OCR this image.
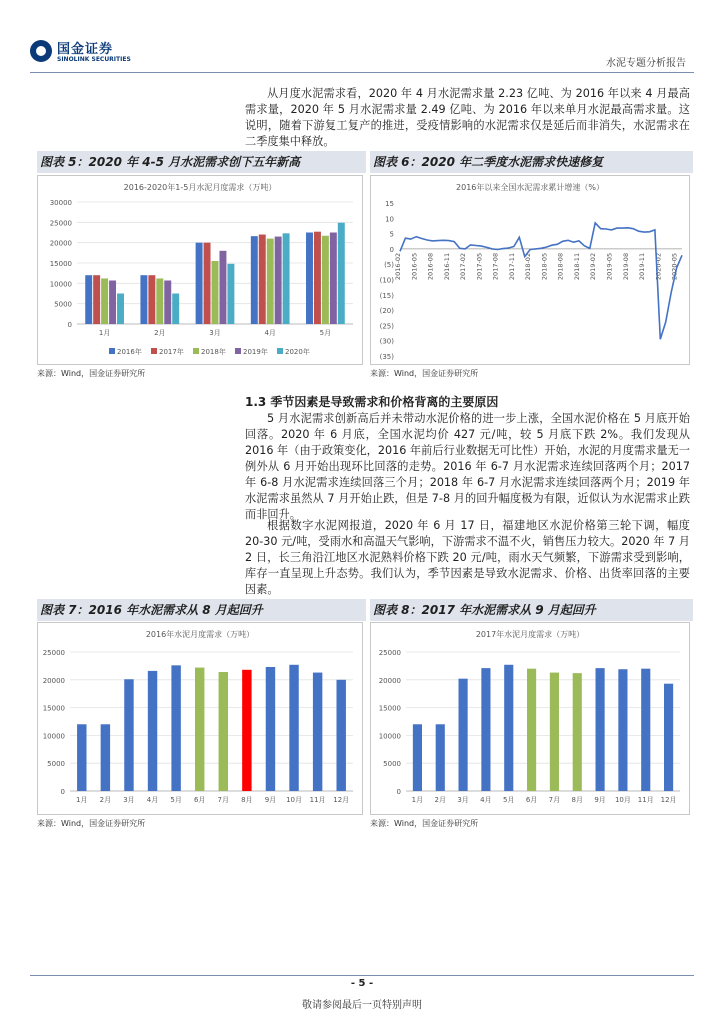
国金证券
SINOLINK SECURITIES	水泥专题分析报告

从月度水泥需求看，2020 年 4 月水泥需求量 2.23 亿吨、为 2016 年以来 4 月最高需求量，2020 年 5 月水泥需求量 2.49 亿吨、为 2016 年以来单月水泥最高需求量。这说明，随着下游复工复产的推进，受疫情影响的水泥需求仅是延后而非消失，水泥需求在二季度集中释放。

图表 5：2020 年 4-5 月水泥需求创下五年新高	图表 6：2020 年二季度水泥需求快速修复
2016-2020年1-5月水泥月度需求（万吨）
0
5000
10000
15000
20000
25000
30000
1月	2月	3月	4月	5月
2016年 2017年 2018年 2019年 2020年
2016年以来全国水泥需求累计增速（%）
15
10
5
0
(5)
(10)
(15)
(20)
(25)
(30)
(35)
2016-02 2016-05 2016-08 2016-11 2017-02 2017-05 2017-08 2017-11 2018-02 2018-05 2018-08 2018-11 2019-02 2019-05 2019-08 2019-11 2020-02 2020-05
来源：Wind，国金证券研究所	来源：Wind，国金证券研究所
1.3 季节因素是导致需求和价格背离的主要原因

5 月水泥需求创新高后并未带动水泥价格的进一步上涨，全国水泥价格在 5 月底开始回落。2020 年 6 月底，全国水泥均价 427 元/吨，较 5 月底下跌 2%。我们发现从 2016 年（由于政策变化，2016 年前后行业数据无可比性）开始，水泥的月度需求量无一例外从 6 月开始出现环比回落的走势。2016 年 6-7 月水泥需求连续回落两个月；2017 年 6-8 月水泥需求连续回落三个月；2018 年 6-7 月水泥需求连续回落两个月；2019 年水泥需求虽然从 7 月开始止跌，但是 7-8 月的回升幅度极为有限，近似认为水泥需求止跌而非回升。

根据数字水泥网报道，2020 年 6 月 17 日，福建地区水泥价格第三轮下调，幅度 20-30 元/吨，受雨水和高温天气影响，下游需求不温不火，销售压力较大。2020 年 7 月 2 日，长三角沿江地区水泥熟料价格下跌 20 元/吨，雨水天气频繁，下游需求受到影响，库存一直呈现上升态势。我们认为，季节因素是导致水泥需求、价格、出货率回落的主要因素。

图表 7：2016 年水泥需求从 8 月起回升	图表 8：2017 年水泥需求从 9 月起回升
2016年水泥月度需求（万吨）
0
5000
10000
15000
20000
25000
1月 2月 3月 4月 5月 6月 7月 8月 9月 10月 11月 12月
2017年水泥月度需求（万吨）
0
5000
10000
15000
20000
25000
1月 2月 3月 4月 5月 6月 7月 8月 9月 10月 11月 12月
来源：Wind，国金证券研究所	来源：Wind，国金证券研究所
- 5 -
敬请参阅最后一页特别声明
